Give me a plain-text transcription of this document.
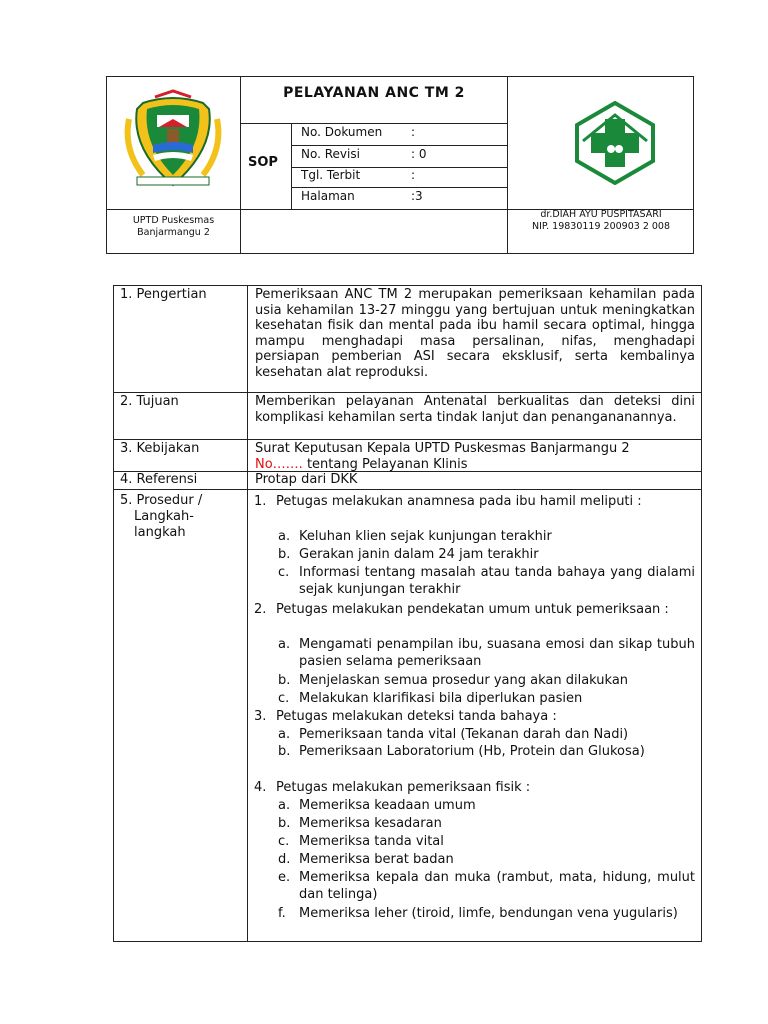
PELAYANAN ANC TM 2
SOP
No. Dokumen :
No. Revisi	: 0
Tgl. Terbit	:
Halaman	:3
UPTD Puskesmas
Banjarmangu 2
dr.DIAH AYU PUSPITASARI
NIP. 19830119 200903 2 008
1. Pengertian	Pemeriksaan ANC TM 2 merupakan pemeriksaan kehamilan pada usia kehamilan 13-27 minggu yang bertujuan untuk meningkatkan kesehatan fisik dan mental pada ibu hamil secara optimal, hingga mampu menghadapi masa persalinan, nifas, menghadapi persiapan pemberian ASI secara eksklusif, serta kembalinya kesehatan alat reproduksi.
2. Tujuan	Memberikan pelayanan Antenatal berkualitas dan deteksi dini komplikasi kehamilan serta tindak lanjut dan penangananannya.
3. Kebijakan	Surat Keputusan Kepala UPTD Puskesmas Banjarmangu 2
No……. tentang Pelayanan Klinis
4. Referensi	Protap dari DKK
5. Prosedur /
Langkah-
langkah
1. Petugas melakukan anamnesa pada ibu hamil meliputi :
a. Keluhan klien sejak kunjungan terakhir
b. Gerakan janin dalam 24 jam terakhir
c. Informasi tentang masalah atau tanda bahaya yang dialami sejak kunjungan terakhir
2. Petugas melakukan pendekatan umum untuk pemeriksaan :
a. Mengamati penampilan ibu, suasana emosi dan sikap tubuh pasien selama pemeriksaan
b. Menjelaskan semua prosedur yang akan dilakukan
c. Melakukan klarifikasi bila diperlukan pasien
3. Petugas melakukan deteksi tanda bahaya :
a. Pemeriksaan tanda vital (Tekanan darah dan Nadi)
b. Pemeriksaan Laboratorium (Hb, Protein dan Glukosa)
4. Petugas melakukan pemeriksaan fisik :
a. Memeriksa keadaan umum
b. Memeriksa kesadaran
c. Memeriksa tanda vital
d. Memeriksa berat badan
e. Memeriksa kepala dan muka (rambut, mata, hidung, mulut dan telinga)
f. Memeriksa leher (tiroid, limfe, bendungan vena yugularis)
